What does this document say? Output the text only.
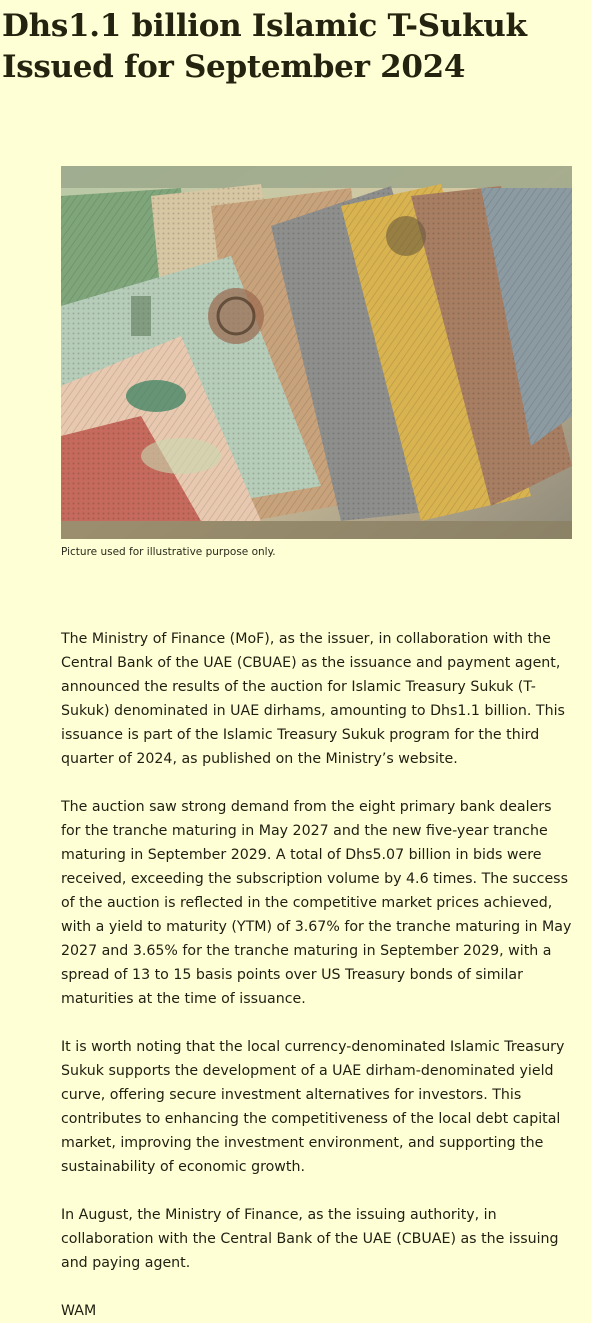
Dhs1.1 billion Islamic T-Sukuk Issued for September 2024
Picture used for illustrative purpose only.

The Ministry of Finance (MoF), as the issuer, in collaboration with the Central Bank of the UAE (CBUAE) as the issuance and payment agent, announced the results of the auction for Islamic Treasury Sukuk (T-Sukuk) denominated in UAE dirhams, amounting to Dhs1.1 billion. This issuance is part of the Islamic Treasury Sukuk program for the third quarter of 2024, as published on the Ministry’s website.

The auction saw strong demand from the eight primary bank dealers for the tranche maturing in May 2027 and the new five-year tranche maturing in September 2029. A total of Dhs5.07 billion in bids were received, exceeding the subscription volume by 4.6 times. The success of the auction is reflected in the competitive market prices achieved, with a yield to maturity (YTM) of 3.67% for the tranche maturing in May 2027 and 3.65% for the tranche maturing in September 2029, with a spread of 13 to 15 basis points over US Treasury bonds of similar maturities at the time of issuance.

It is worth noting that the local currency-denominated Islamic Treasury Sukuk supports the development of a UAE dirham-denominated yield curve, offering secure investment alternatives for investors. This contributes to enhancing the competitiveness of the local debt capital market, improving the investment environment, and supporting the sustainability of economic growth.

In August, the Ministry of Finance, as the issuing authority, in collaboration with the Central Bank of the UAE (CBUAE) as the issuing and paying agent.

WAM
